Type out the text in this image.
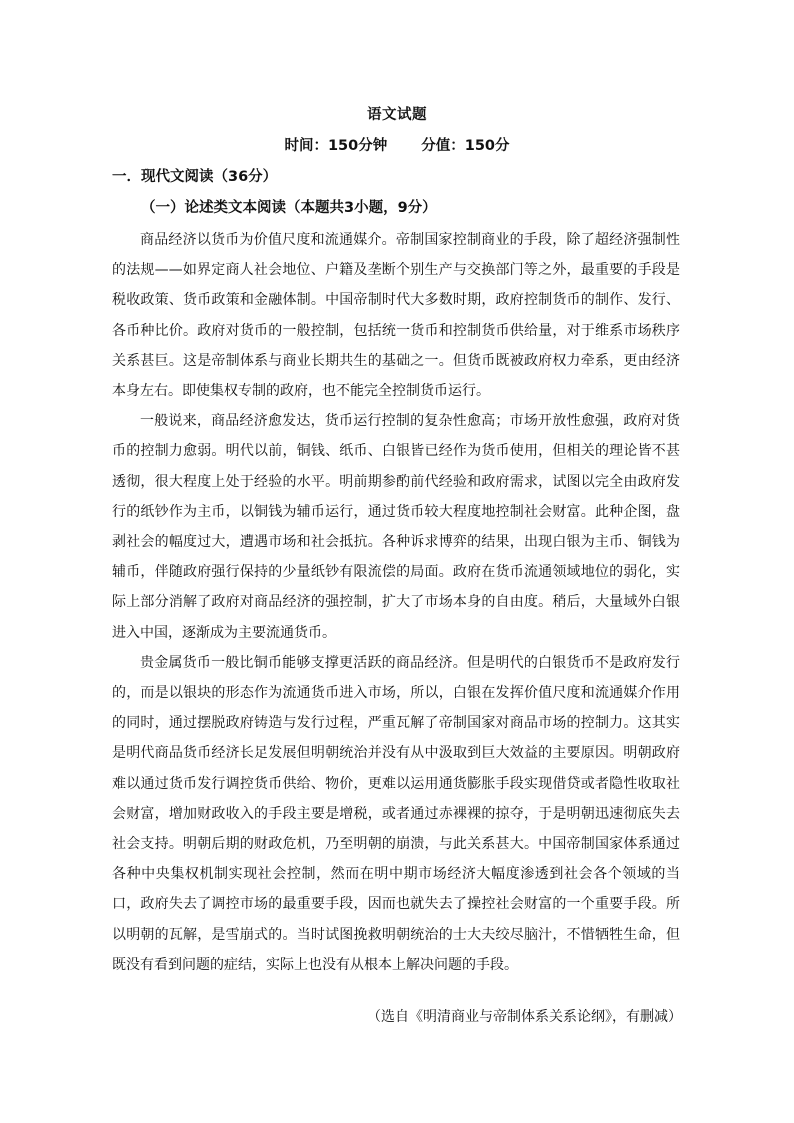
语文试题
时间：150分钟 分值：150分
一．现代文阅读（36分）
（一）论述类文本阅读（本题共3小题，9分）

商品经济以货币为价值尺度和流通媒介。帝制国家控制商业的手段，除了超经济强制性的法规——如界定商人社会地位、户籍及垄断个别生产与交换部门等之外，最重要的手段是税收政策、货币政策和金融体制。中国帝制时代大多数时期，政府控制货币的制作、发行、各币种比价。政府对货币的一般控制，包括统一货币和控制货币供给量，对于维系市场秩序关系甚巨。这是帝制体系与商业长期共生的基础之一。但货币既被政府权力牵系，更由经济本身左右。即使集权专制的政府，也不能完全控制货币运行。

一般说来，商品经济愈发达，货币运行控制的复杂性愈高；市场开放性愈强，政府对货币的控制力愈弱。明代以前，铜钱、纸币、白银皆已经作为货币使用，但相关的理论皆不甚透彻，很大程度上处于经验的水平。明前期参酌前代经验和政府需求，试图以完全由政府发行的纸钞作为主币，以铜钱为辅币运行，通过货币较大程度地控制社会财富。此种企图，盘剥社会的幅度过大，遭遇市场和社会抵抗。各种诉求博弈的结果，出现白银为主币、铜钱为辅币，伴随政府强行保持的少量纸钞有限流偿的局面。政府在货币流通领域地位的弱化，实际上部分消解了政府对商品经济的强控制，扩大了市场本身的自由度。稍后，大量域外白银进入中国，逐渐成为主要流通货币。

贵金属货币一般比铜币能够支撑更活跃的商品经济。但是明代的白银货币不是政府发行的，而是以银块的形态作为流通货币进入市场，所以，白银在发挥价值尺度和流通媒介作用的同时，通过摆脱政府铸造与发行过程，严重瓦解了帝制国家对商品市场的控制力。这其实是明代商品货币经济长足发展但明朝统治并没有从中汲取到巨大效益的主要原因。明朝政府难以通过货币发行调控货币供给、物价，更难以运用通货膨胀手段实现借贷或者隐性收取社会财富，增加财政收入的手段主要是增税，或者通过赤裸裸的掠夺，于是明朝迅速彻底失去社会支持。明朝后期的财政危机，乃至明朝的崩溃，与此关系甚大。中国帝制国家体系通过各种中央集权机制实现社会控制，然而在明中期市场经济大幅度渗透到社会各个领域的当口，政府失去了调控市场的最重要手段，因而也就失去了操控社会财富的一个重要手段。所以明朝的瓦解，是雪崩式的。当时试图挽救明朝统治的士大夫绞尽脑汁，不惜牺牲生命，但既没有看到问题的症结，实际上也没有从根本上解决问题的手段。

（选自《明清商业与帝制体系关系论纲》，有删减）
